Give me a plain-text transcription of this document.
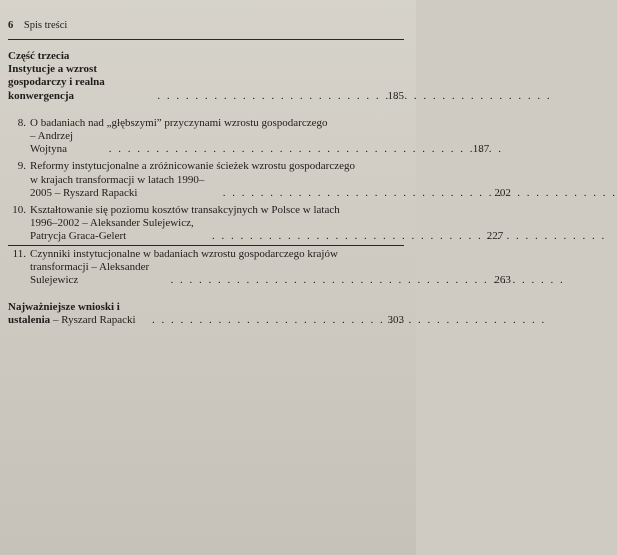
6 Spis treści
Część trzecia
Instytucje a wzrost gospodarczy i realna konwergencja . . .	185
8. O badaniach nad „głębszymi” przyczynami wzrostu gospodarczego
– Andrzej Wojtyna . . .	187
9. Reformy instytucjonalne a zróżnicowanie ścieżek wzrostu gospodarczego
w krajach transformacji w latach 1990–2005 – Ryszard Rapacki . . .	202
10. Kształtowanie się poziomu kosztów transakcyjnych w Polsce w latach
1996–2002 – Aleksander Sulejewicz, Patrycja Graca-Gelert . . .	227
11. Czynniki instytucjonalne w badaniach wzrostu gospodarczego krajów
transformacji – Aleksander Sulejewicz . . .	263
Najważniejsze wnioski i ustalenia – Ryszard Rapacki . . .	303
